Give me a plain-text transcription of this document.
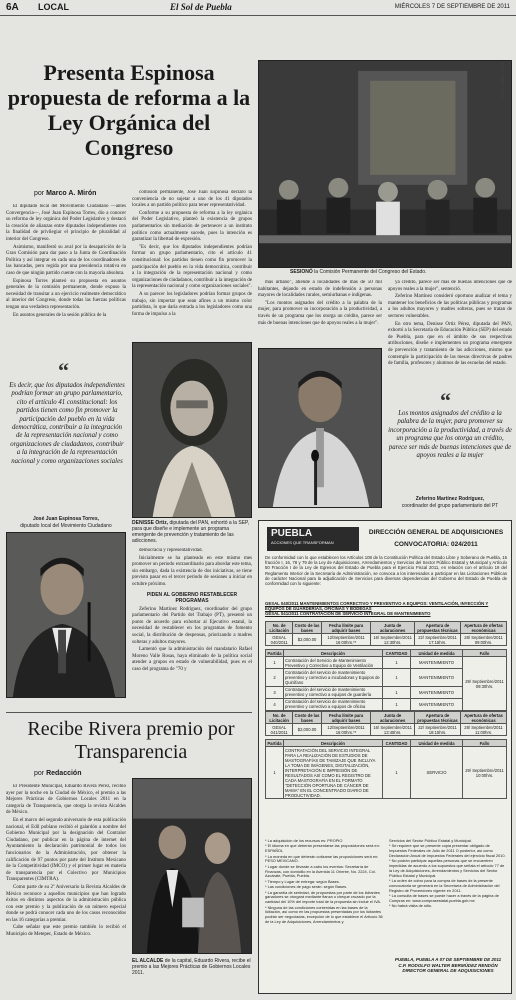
6A LOCAL	El Sol de Puebla	MIÉRCOLES 7 DE SEPTIEMBRE DE 2011
Presenta Espinosa propuesta de reforma a la Ley Orgánica del Congreso
por Marco A. Mirón
Foto: Javier Pérez
SESIONÓ la Comisión Permanente del Congreso del Estado.

El diputado local del Movimiento Ciudadano —antes Convergencia—, José Juan Espinosa Torres, dio a conocer su reforma de ley orgánica del Poder Legislativo y destacó la creación de alianzas entre diputados independientes con la finalidad de privilegiar el principio de pluralidad al interior del Congreso.

Asimismo, manifestó su aval por la desaparición de la Gran Comisión para dar paso a la Junta de Coordinación Política y así integrar en cada una de los coordinadores de las bancadas, pero regida por una presidencia rotativa en caso de que ningún partido cuente con la mayoría absoluta.

Espinosa Torres planteó su propuesta en asuntos generales de la comisión permanente, donde expuso la necesidad de transitar a un ejercicio realmente democrático al interior del Congreso, donde todas las fuerzas políticas tengan una verdadera representación.

En asuntos generales de la sesión pública de la

comisión permanente, José Juan Espinosa declaró la conveniencia de no sujetar a uno de los 41 diputados locales a un partido político para tener representatividad.

Conforme a su propuesta de reforma a la ley orgánica del Poder Legislativo, planteó la existencia de grupos parlamentarios sin mediación de pertenecer a un instituto político como actualmente sucede, pues la intención es garantizar la libertad de expresión.

"Es decir, que los diputados independientes podrían formar un grupo parlamentario, cito el artículo 41 constitucional: los partidos tienen como fin promover la participación del pueblo en la vida democrática, contribuir a la integración de la representación nacional y como organizaciones de ciudadanos, contribuir a la integración de la representación nacional y como organizaciones sociales".

A su parecer los legisladores podrían formar grupos de trabajo, sin importar que sean afines a un mismo color partidista, lo que daría entrada a los legisladores como una forma de impulso a la

más urbano", atiende a localidades de más de 50 mil habitantes, dejando en estado de indefensión a personas mayores de localidades rurales, semiurbanas e indígenas.

"Los montos asignados del crédito a la palabra de la mujer, para promover su incorporación a la productividad, a través de un programa que los otorga un crédito, parece ser más de buenas intenciones que de apoyos reales a la mujer".

ya crédito, parece ser más de buenas intenciones que de apoyos reales a la mujer", sentenció.

Zeferino Martínez consideró oportuno analizar el tema y mantener los beneficios de las políticas públicas y programas a los adultos mayores y madres solteras, pues se tratan de sectores vulnerables.

En otro tema, Denisse Ortiz Pérez, diputada del PAN, exhortó a la Secretaría de Educación Pública (SEP) del estado de Puebla, para que en el ámbito de sus respectivas atribuciones, diseñe e implementen un programa emergente de prevención y tratamiento de las adicciones, mismo que contemple la participación de las mesas directivas de padres de familia, profesores y alumnos de las escuelas del estado.

“
Es decir, que los diputados independientes podrían formar un grupo parlamentario, cito el artículo 41 constitucional: los partidos tienen como fin promover la participación del pueblo en la vida democrática, contribuir a la integración de la representación nacional y como organizaciones de ciudadanos, contribuir a la integración de la representación nacional y como organizaciones sociales
José Juan Espinosa Torres,
diputado local del Movimiento Ciudadano	DENISSE Ortiz, diputada del PAN, exhortó a la SEP, para que diseñe e implemente un programa emergente de prevención y tratamiento de las adicciones.
“
Los montos asignados del crédito a la palabra de la mujer, para promover su incorporación a la productividad, a través de un programa que los otorga un crédito, parece ser más de buenas intenciones que de apoyos reales a la mujer
Zeferino Martínez Rodríguez,
coordinador del grupo parlamentario del PT

democracia y representatividad.

Inicialmente se ha planteado en este mismo mes promover un periodo extraordinario para abordar este tema, sin embargo, dada la existencia de dos iniciativas, se tiene previsto pasar en el tercer periodo de sesiones a iniciar en octubre próximo.

PIDEN AL GOBIERNO RESTABLECER PROGRAMAS

Zeferino Martínez Rodríguez, coordinador del grupo parlamentario del Partido del Trabajo (PT), presentó un punto de acuerdo para exhortar al Ejecutivo estatal, la necesidad de restablecer en los programas de fomento social, la distribución de despensas, priorizando a madres solteras y adultos mayores.

Lamentó que la administración del mandatario Rafael Moreno Valle Rosas, haya eliminado de la política social atender a grupos en estado de vulnerabilidad, pues es el caso del programa de "70 y

Recibe Rivera premio por Transparencia
por Redacción

El Presidente Municipal, Eduardo Rivera Pérez, recibió ayer por la noche en la Ciudad de México, el premio a las Mejores Prácticas de Gobiernos Locales 2011 en la categoría de Transparencia, que otorga la revista Alcaldes de México.

En el marco del segundo aniversario de esta publicación nacional, el Edil poblano recibió el galardón a nombre del Gobierno Municipal por la designación del Contralor Ciudadano, por publicar en la página de internet del Ayuntamiento la declaración patrimonial de todos los funcionarios de la Administración, por obtener la calificación de 97 puntos por parte del Instituto Mexicano de la Competitividad (IMCO) y el primer lugar en materia de transparencia por el Colectivo por Municipios Transparentes (CIMTRA).

Como parte de su 2º Aniversario la Revista Alcaldes de México reconoce a aquellos municipios que han logrado éxitos en distintos aspectos de la administración pública con este premio y la publicación de un número especial donde se podrá conocer cada uno de los casos reconocidos en las 16 categorías a premiar.

Cabe señalar que este premio también lo recibió el Municipio de Metepec, Estado de México.

EL ALCALDE de la capital, Eduardo Rivera, recibe el premio a las Mejores Prácticas de Gobiernos Locales 2011.
PUEBLA
ACCIONES QUE TRANSFORMAN
DIRECCIÓN GENERAL DE ADQUISICIONES
CONVOCATORIA: 024/2011
De conformidad con lo que establecen los Artículos 108 de la Constitución Política del Estado Libre y Soberano de Puebla, 15 fracción I, 16, 78 y 79 de la Ley de Adquisiciones, Arrendamientos y Servicios del Sector Público Estatal y Municipal y Artículo 50 Fracción I de la Ley de Egresos del Estado de Puebla para el Ejercicio Fiscal 2011, en relación con el artículo 19 del Reglamento Interior de la Secretaría de Administración, se convoca a los interesados a participar en las Licitaciones Públicas de carácter Nacional para la adjudicación de Servicios para diversas dependencias del Gobierno del Estado de Puebla de conformidad con lo siguiente:
GESAL 040/2011 MANTENIMIENTOS CORRECTIVO Y PREVENTIVO A EQUIPOS: VENTILACIÓN, INYECCIÓN Y EQUIPOS DE GUARDERÍAS, OFICINAS Y BODEGAS
GESAL 041/2011 CONTRATACIÓN DE SERVICIO INTEGRAL DE MANTENIMIENTO
No. de Licitación	Costo de las bases	Fecha límite para adquirir bases	Junta de aclaraciones	Apertura de propuestas técnicas	Apertura de ofertas económicas
GESAL 040/2011	$2,000.00	12/Septiembre/2011 16:00hrs.**	16/ Septiembre/2011 12:30hrs.	22/ Septiembre/2011 17:15hrs.	28/ Septiembre/2011 09:00hrs.
Partida	Descripción	CANTIDAD	Unidad de medida	Fallo
1	Contratación del Servicio de Mantenimiento Preventivo y Correctivo a Equipo de Ventilación	1	MANTENIMIENTO	29/ Septiembre/2011 09:30hrs.
2	Contratación del servicio de mantenimiento preventivo y correctivo a incubadoras y Equipos de Quirófano	1	MANTENIMIENTO	
3	Contratación del servicio de mantenimiento preventivo y correctivo a equipos de guardería	1	MANTENIMIENTO	
4	Contratación del servicio de mantenimiento preventivo y correctivo a equipos de oficina	1	MANTENIMIENTO	
No. de Licitación	Costo de las bases	Fecha límite para adquirir bases	Junta de aclaraciones	Apertura de propuestas técnicas	Apertura de ofertas económicas
GESAL 041/2011	$2,000.00	12/Septiembre/2011 16:00hrs.**	16/ Septiembre/2011 13:45hrs.	22/ Septiembre/2011 18:15hrs.	28/ Septiembre/2011 11:00hrs.
Partida	Descripción	CANTIDAD	Unidad de medida	Fallo
1	CONTRATACIÓN DEL SERVICIO INTEGRAL PARA LA REALIZACIÓN DE ESTUDIOS DE MASTOGRAFÍAS DE TAMIZAJE QUE INCLUYA LA TOMA DE IMÁGENES, DIGITALIZACIÓN, INTERPRETACIÓN E IMPRESIÓN DE RESULTADOS ASÍ COMO EL REGISTRO DE CADA MASTOGRAFÍA EN EL FORMATO "DETECCIÓN OPORTUNA DE CÁNCER DE MAMA" EN EL CONCENTRADO DIARIO DE PRODUCTIVIDAD.	1	SERVICIO	29/ Septiembre/2011 10:00hrs.
* La adquisición de los recursos es: PROPIO
* El idioma en que deberán presentarse las proposiciones será en: ESPAÑOL
* La moneda en que deberán cotizarse las proposiciones será en: PESO MEXICANO.
* Lugar donde se llevarán a cabo los eventos: Secretaría de Finanzas, con domicilio en la Avenida 11 Oriente, No. 2224, Col. Azcárate, Puebla, Puebla.
* Tiempo y Lugar de entrega: según Bases.
* Las condiciones de pago serán: según Bases.
* La garantía de seriedad, de propuestas por parte de los licitantes ganadores se otorgará mediante fianza o cheque cruzado por la cantidad del 10% del importe total de la propuesta sin incluir el IVA.
* Ninguna de las condiciones contenidas en las bases de la licitación, así como en las propuestas presentadas por los licitantes podrán ser negociadas, excepción de lo que establece el Artículo 36 de la Ley de Adquisiciones, Arrendamientos y
Servicios del Sector Público Estatal y Municipal.
* Se requiere que se presente copia presentar obligado de Impuestos Federales de Julio de 2011 O posterior, así como Declaración Anual de Impuestos Federales del ejercicio fiscal 2010.
* No podrán participar aquellas personas que se encuentren impedidas de acuerdo a los supuestos que señala el artículo 77 de la Ley de Adquisiciones, Arrendamientos y Servicios del Sector Público Estatal y Municipal.
* La orden de cobro para la compra de bases de la presente convocatoria se generará en la Secretaría de Administración del Registro de Proveedores vigente en 2011.
* La consulta de bases se puede hacer a través de la página de Compras en: www.comprasestatal.puebla.gob.mx
* No habrá visita de sitio.
PUEBLA, PUEBLA A 07 DE SEPTIEMBRE DE 2011
C.P. RODOLFO WALTER BERMÚDEZ RENDÓN
DIRECTOR GENERAL DE ADQUISICIONES
